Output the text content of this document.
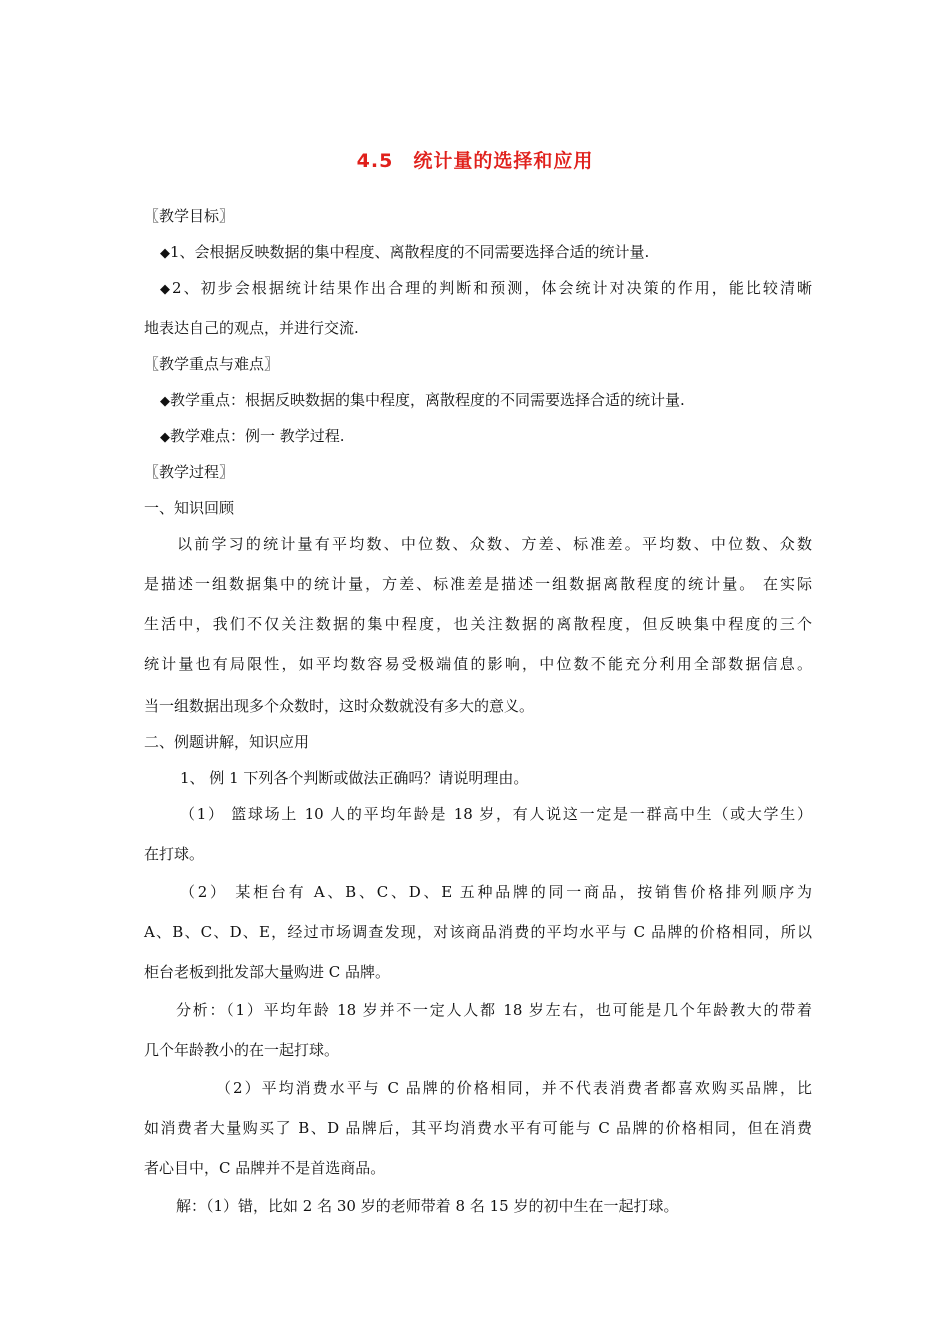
4.5 统计量的选择和应用
〖教学目标〗
◆1、会根据反映数据的集中程度、离散程度的不同需要选择合适的统计量.
◆2、初步会根据统计结果作出合理的判断和预测，体会统计对决策的作用，能比较清晰
地表达自己的观点，并进行交流.
〖教学重点与难点〗
◆教学重点：根据反映数据的集中程度，离散程度的不同需要选择合适的统计量.
◆教学难点：例一 教学过程.
〖教学过程〗
一、知识回顾
以前学习的统计量有平均数、中位数、众数、方差、标准差。平均数、中位数、众数
是描述一组数据集中的统计量，方差、标准差是描述一组数据离散程度的统计量。 在实际
生活中，我们不仅关注数据的集中程度，也关注数据的离散程度，但反映集中程度的三个
统计量也有局限性，如平均数容易受极端值的影响，中位数不能充分利用全部数据信息。
当一组数据出现多个众数时，这时众数就没有多大的意义。
二、例题讲解，知识应用
1、 例 1 下列各个判断或做法正确吗？请说明理由。
（1） 篮球场上 10 人的平均年龄是 18 岁，有人说这一定是一群高中生（或大学生）
在打球。
（2） 某柜台有 A、B、C、D、E 五种品牌的同一商品，按销售价格排列顺序为
A、B、C、D、E，经过市场调查发现，对该商品消费的平均水平与 C 品牌的价格相同，所以
柜台老板到批发部大量购进 C 品牌。
分析：（1）平均年龄 18 岁并不一定人人都 18 岁左右，也可能是几个年龄教大的带着
几个年龄教小的在一起打球。
（2）平均消费水平与 C 品牌的价格相同，并不代表消费者都喜欢购买品牌，比
如消费者大量购买了 B、D 品牌后，其平均消费水平有可能与 C 品牌的价格相同，但在消费
者心目中，C 品牌并不是首选商品。
解：（1）错，比如 2 名 30 岁的老师带着 8 名 15 岁的初中生在一起打球。
